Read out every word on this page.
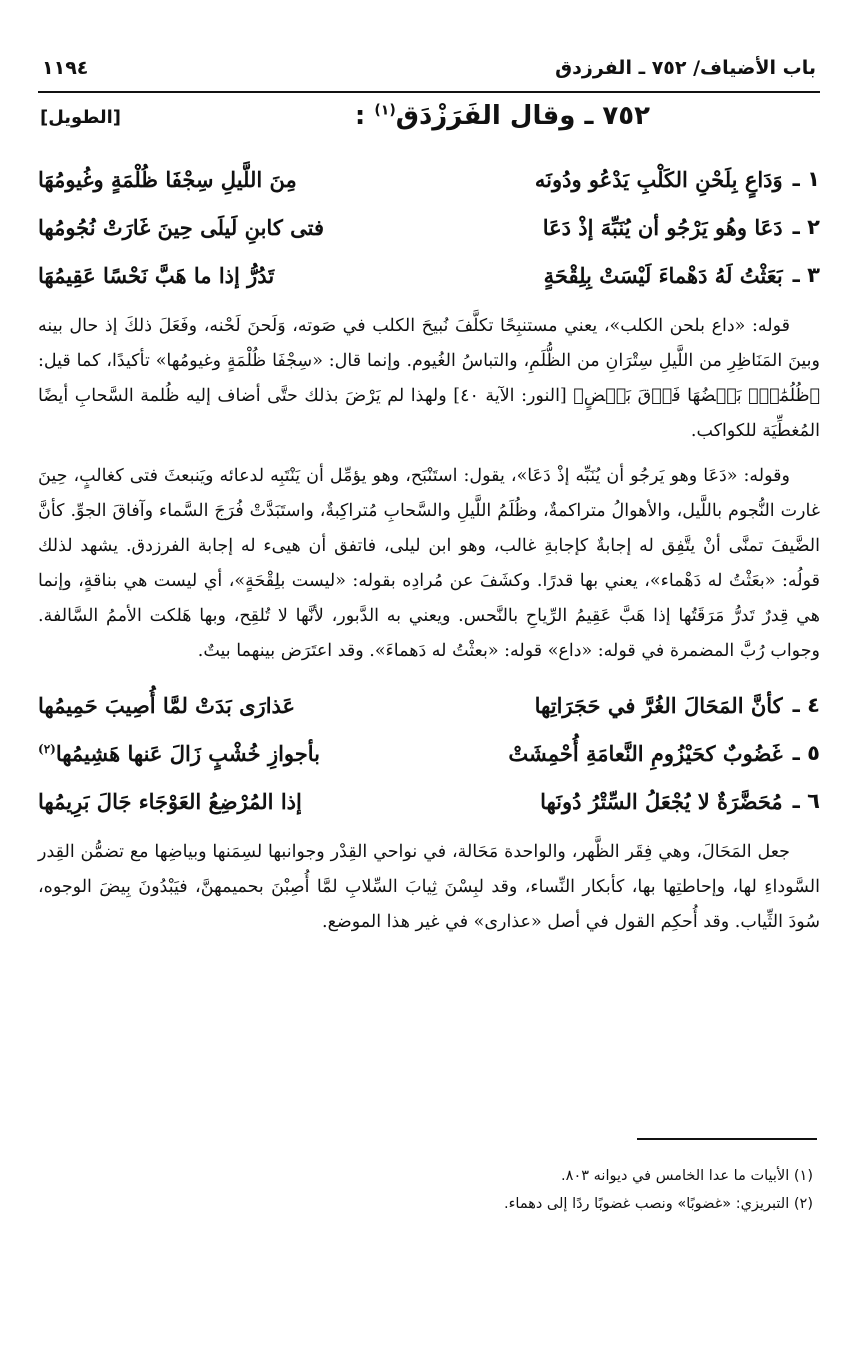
باب الأضياف/ ٧٥٢ ـ الفرزدق
١١٩٤
٧٥٢ ـ وقال الفَرَزْدَق$^{(١)}$ :
[الطويل]
١ ـ
وَدَاعٍ بِلَحْنِ الكَلْبِ يَدْعُو ودُونَه
مِنَ اللَّيلِ سِجْفَا ظُلْمَةٍ وغُيومُهَا
٢ ـ
دَعَا وهُو يَرْجُو أن يُنَبِّهَ إذْ دَعَا
فتى كابنِ لَيلَى حِينَ غَارَتْ نُجُومُها
٣ ـ
بَعَثْتُ لَهُ دَهْماءَ لَيْسَتْ بِلِقْحَةٍ
تَدُرُّ إذا ما هَبَّ نَحْسًا عَقِيمُهَا

قوله: «داع بلحن الكلب»، يعني مستنبِحًا تكلَّفَ نُبيحَ الكلب في صَوته، وَلَحنَ لَحْنه، وفَعَلَ ذلكَ إذ حال بينه وبينَ المَنَاظِرِ من اللَّيلِ سِتْرَانِ من الظُّلَمِ، والتباسُ الغُيوم. وإنما قال: «سِجْفَا ظُلْمَةٍ وغيومُها» تأكيدًا، كما قيل: ﴿ظُلُمَٰتٌۢ بَعۡضُهَا فَوۡقَ بَعۡضٍ﴾ [النور: الآية ٤٠] ولهذا لم يَرْضَ بذلك حتَّى أضاف إليه ظُلمة السَّحابِ أيضًا المُغطِّيَة للكواكب.

وقوله: «دَعَا وهو يَرجُو أن يُنَبِّه إذْ دَعَا»، يقول: استَنْبَح، وهو يؤمِّل أن يَنْتَبِه لدعائه ويَنبعثَ فتى كغالبٍ، حِينَ غارت النُّجوم باللَّيل، والأهوالُ متراكمةٌ، وظُلَمُ اللَّيلِ والسَّحابِ مُتراكِبةٌ، واستَبَدَّتْ فُرَجَ السَّماء وآفاقَ الجوِّ. كأنَّ الضَّيفَ تمنَّى أنْ يتَّفِق له إجابةٌ كإجابةِ غالب، وهو ابن ليلى، فاتفق أن هيىء له إجابة الفرزدق. يشهد لذلك قولُه: «بعَثْتُ له دَهْماء»، يعني بها قدرًا. وكشَفَ عن مُرادِه بقوله: «ليست بلِقْحَةٍ»، أي ليست هي بناقةٍ، وإنما هي قِدرٌ تَدرُّ مَرَقَتُها إذا هَبَّ عَقِيمُ الرِّياحِ بالنَّحس. ويعني به الدَّبور، لأنَّها لا تُلقِح، وبها هَلكت الأممُ السَّالفة. وجواب رُبَّ المضمرة في قوله: «داع» قوله: «بعثْتُ له دَهماءَ». وقد اعتَرَض بينهما بيتٌ.

٤ ـ
كأنَّ المَحَالَ الغُرَّ في حَجَرَاتِها
عَذارَى بَدَتْ لمَّا أُصِيبَ حَمِيمُها
٥ ـ
غَضُوبٌ كحَيْزُومِ النَّعامَةِ أُحْمِشَتْ
بأجوازِ خُشْبٍ زَالَ عَنها هَشِيمُها$^{(٢)}$
٦ ـ
مُحَضَّرَةٌ لا يُجْعَلُ السِّتْرُ دُونَها
إذا المُرْضِعُ العَوْجَاء جَالَ بَرِيمُها

جعل المَحَالَ، وهي فِقَر الظَّهر، والواحدة مَحَالة، في نواحي القِدْر وجوانبها لسِمَنها وبياضِها مع تضمُّن القِدر السَّوداءِ لها، وإحاطتِها بها، كأبكار النِّساء، وقد لبِسْنَ ثِيابَ السِّلابِ لمَّا أُصِبْنَ بحميمهنَّ، فيَبْدُونَ بِيضَ الوجوه، سُودَ الثِّياب. وقد أُحكِم القول في أصل «عذارى» في غير هذا الموضع.

(١) الأبيات ما عدا الخامس في ديوانه ٨٠٣.
(٢) التبريزي: «غضوبًا» ونصب غضوبًا ردًا إلى دهماء.
